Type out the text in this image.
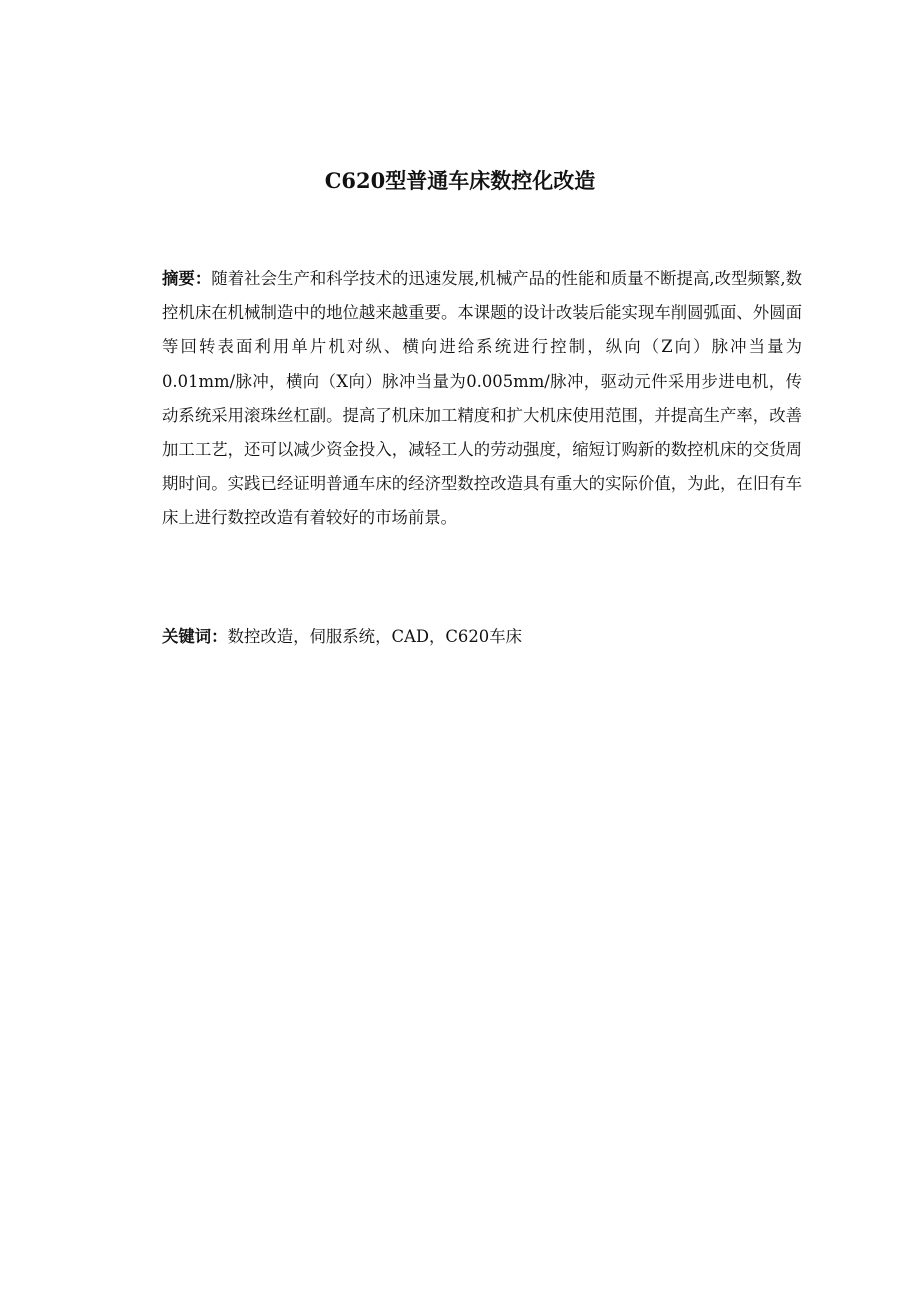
C620型普通车床数控化改造
摘要：随着社会生产和科学技术的迅速发展,机械产品的性能和质量不断提高,改型频繁,数控机床在机械制造中的地位越来越重要。本课题的设计改装后能实现车削圆弧面、外圆面等回转表面利用单片机对纵、横向进给系统进行控制，纵向（Z向）脉冲当量为0.01mm/脉冲，横向（X向）脉冲当量为0.005mm/脉冲，驱动元件采用步进电机，传动系统采用滚珠丝杠副。提高了机床加工精度和扩大机床使用范围，并提高生产率，改善加工工艺，还可以减少资金投入，减轻工人的劳动强度，缩短订购新的数控机床的交货周期时间。实践已经证明普通车床的经济型数控改造具有重大的实际价值，为此，在旧有车床上进行数控改造有着较好的市场前景。
关键词：数控改造，伺服系统，CAD，C620车床
